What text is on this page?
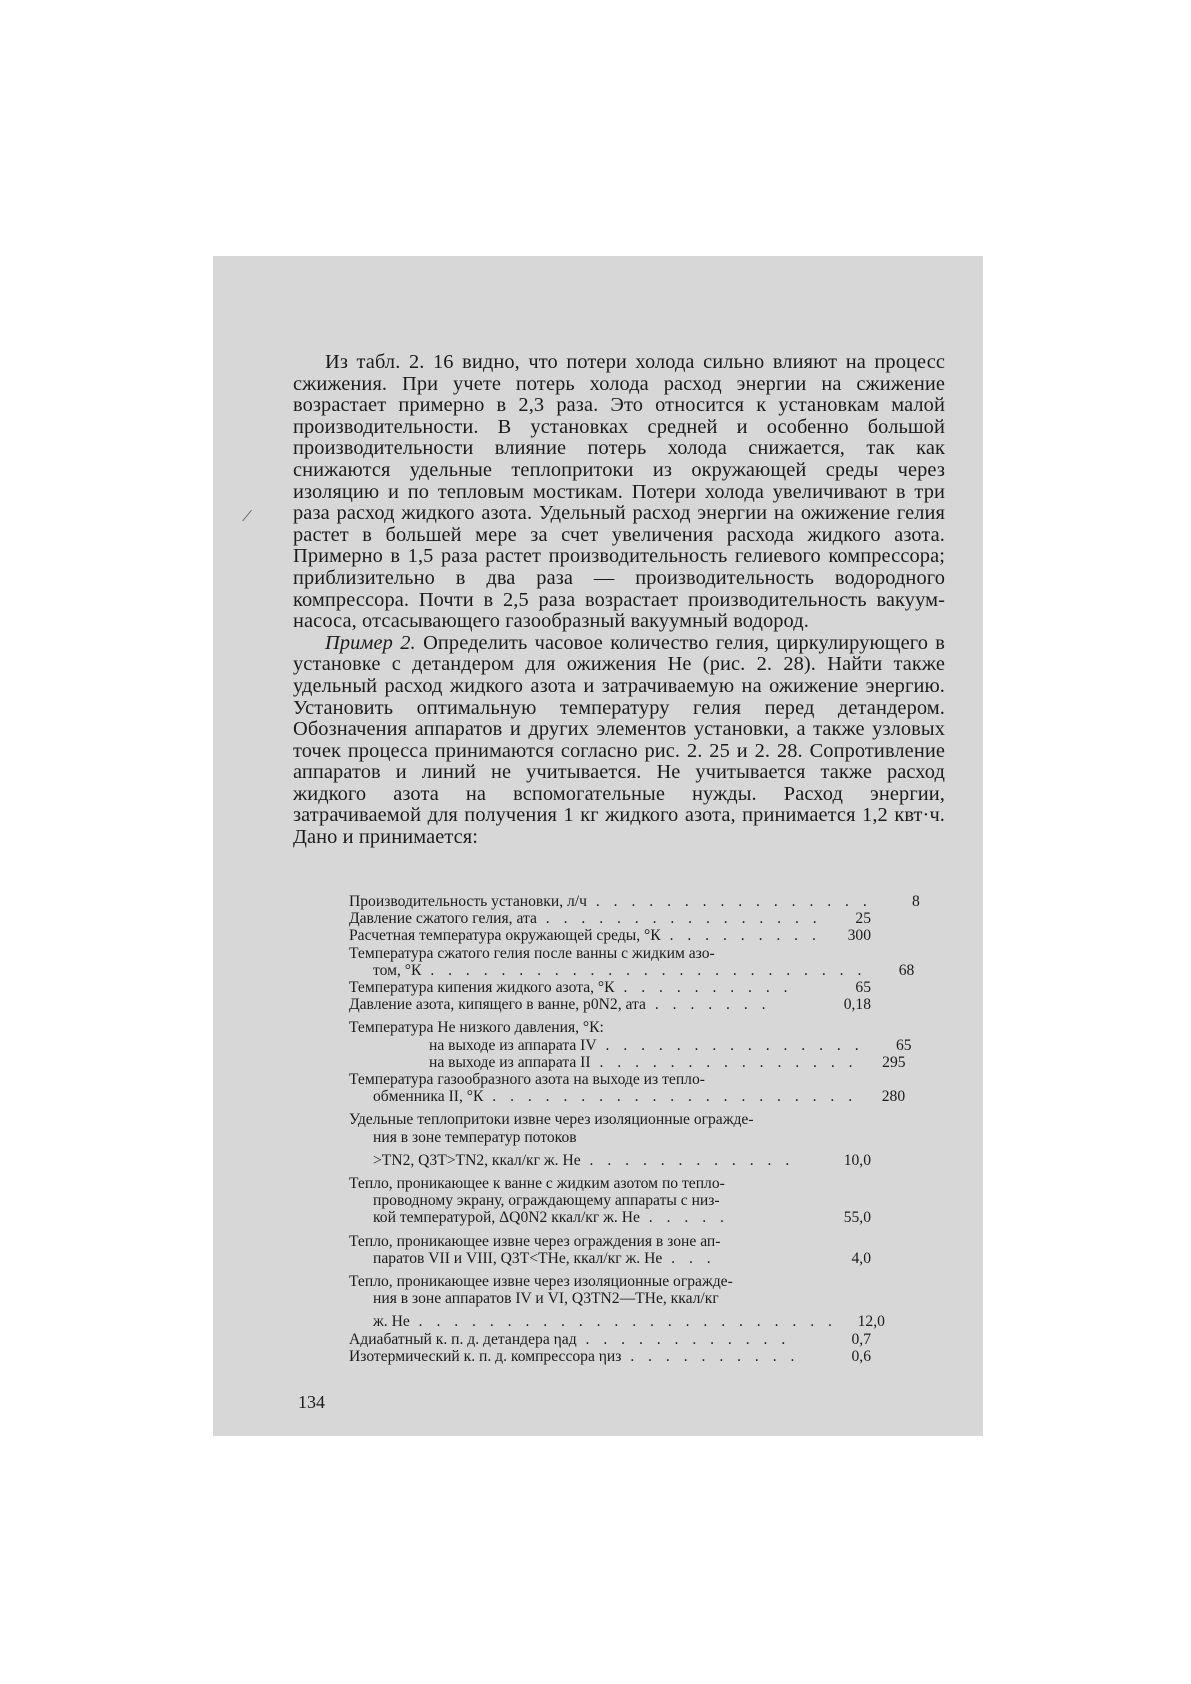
/

Из табл. 2. 16 видно, что потери холода сильно влияют на процесс сжижения. При учете потерь холода расход энергии на сжижение возрастает примерно в 2,3 раза. Это относится к установкам малой производительности. В установках средней и особенно большой производительности влияние потерь холода снижается, так как снижаются удельные теплопритоки из окружающей среды через изоляцию и по тепловым мостикам. Потери холода увеличивают в три раза расход жидкого азота. Удельный расход энергии на ожижение гелия растет в большей мере за счет увеличения расхода жидкого азота. Примерно в 1,5 раза растет производительность гелиевого компрессора; приблизительно в два раза — производительность водородного компрессора. Почти в 2,5 раза возрастает производительность вакуум-насоса, отсасывающего газообразный вакуумный водород.

Пример 2. Определить часовое количество гелия, циркулирующего в установке с детандером для ожижения Не (рис. 2. 28). Найти также удельный расход жидкого азота и затрачиваемую на ожижение энергию. Установить оптимальную температуру гелия перед детандером. Обозначения аппаратов и других элементов установки, а также узловых точек процесса принимаются согласно рис. 2. 25 и 2. 28. Сопротивление аппаратов и линий не учитывается. Не учитывается также расход жидкого азота на вспомогательные нужды. Расход энергии, затрачиваемой для получения 1 кг жидкого азота, принимается 1,2 квт·ч. Дано и принимается:

Производительность установки, л/ч . . . . . . . . . . . . . . . .	8
Давление сжатого гелия, ата . . . . . . . . . . . . . . . .	25
Расчетная температура окружающей среды, °К . . . . . . . . .	300
Температура сжатого гелия после ванны с жидким азо-
том, °К . . . . . . . . . . . . . . . . . . . . . . . . .	68
Температура кипения жидкого азота, °К . . . . . . . . . .	65
Давление азота, кипящего в ванне, p0N2, ата . . . . . . .	0,18
Температура Не низкого давления, °К:
на выходе из аппарата IV . . . . . . . . . . . . . . .	65
на выходе из аппарата II . . . . . . . . . . . . . . .	295
Температура газообразного азота на выходе из тепло-
обменника II, °К . . . . . . . . . . . . . . . . . . . . .	280
Удельные теплопритоки извне через изоляционные огражде-
ния в зоне температур потоков
>TN2, Q3T>TN2, ккал/кг ж. Не . . . . . . . . . . . .	10,0
Тепло, проникающее к ванне с жидким азотом по тепло-
проводному экрану, ограждающему аппараты с низ-
кой температурой, ΔQ0N2 ккал/кг ж. Не . . . . .	55,0
Тепло, проникающее извне через ограждения в зоне ап-
паратов VII и VIII, Q3T<THe, ккал/кг ж. Не . . .	4,0
Тепло, проникающее извне через изоляционные огражде-
ния в зоне аппаратов IV и VI, Q3TN2—THe, ккал/кг
ж. Не . . . . . . . . . . . . . . . . . . . . . . . .	12,0
Адиабатный к. п. д. детандера ηад . . . . . . . . . . . .	0,7
Изотермический к. п. д. компрессора ηиз . . . . . . . . . .	0,6
134
